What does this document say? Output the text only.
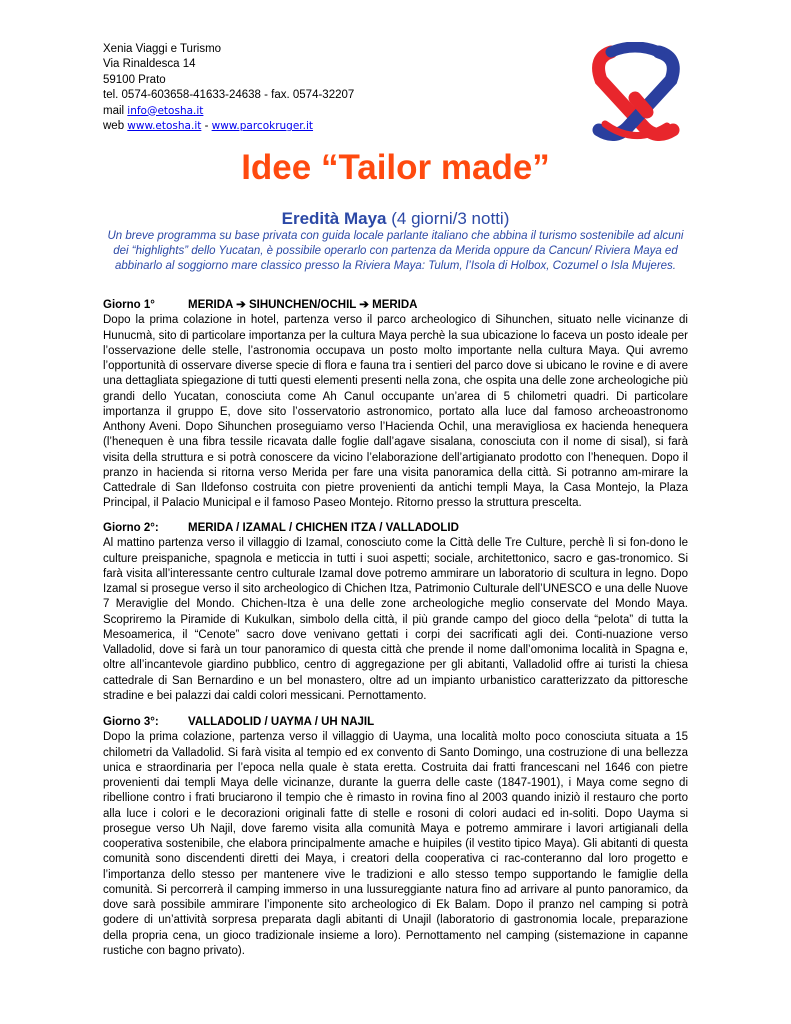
Xenia Viaggi e Turismo
Via Rinaldesca 14
59100 Prato
tel. 0574-603658-41633-24638 - fax. 0574-32207
mail info@etosha.it
web www.etosha.it - www.parcokruger.it
Idee “Tailor made”
Eredità Maya (4 giorni/3 notti)
Un breve programma su base privata con guida locale parlante italiano che abbina il turismo sostenibile ad alcuni dei “highlights” dello Yucatan, è possibile operarlo con partenza da Merida oppure da Cancun/ Riviera Maya ed abbinarlo al soggiorno mare classico presso la Riviera Maya: Tulum, l’Isola di Holbox, Cozumel o Isla Mujeres.
Giorno 1°	MERIDA ➔ SIHUNCHEN/OCHIL ➔ MERIDA
Dopo la prima colazione in hotel, partenza verso il parco archeologico di Sihunchen, situato nelle vicinanze di Hunucmà, sito di particolare importanza per la cultura Maya perchè la sua ubicazione lo faceva un posto ideale per l’osservazione delle stelle, l’astronomia occupava un posto molto importante nella cultura Maya. Qui avremo l’opportunità di osservare diverse specie di flora e fauna tra i sentieri del parco dove si ubicano le rovine e di avere una dettagliata spiegazione di tutti questi elementi presenti nella zona, che ospita una delle zone archeologiche più grandi dello Yucatan, conosciuta come Ah Canul occupante un’area di 5 chilometri quadri. Di particolare importanza il gruppo E, dove sito l’osservatorio astronomico, portato alla luce dal famoso archeoastronomo Anthony Aveni. Dopo Sihunchen proseguiamo verso l’Hacienda Ochil, una meravigliosa ex hacienda henequera (l’henequen è una fibra tessile ricavata dalle foglie dall’agave sisalana, conosciuta con il nome di sisal), si farà visita della struttura e si potrà conoscere da vicino l’elaborazione dell’artigianato prodotto con l’henequen. Dopo il pranzo in hacienda si ritorna verso Merida per fare una visita panoramica della città. Si potranno am-mirare la Cattedrale di San Ildefonso costruita con pietre provenienti da antichi templi Maya, la Casa Montejo, la Plaza Principal, il Palacio Municipal e il famoso Paseo Montejo. Ritorno presso la struttura prescelta.
Giorno 2°:	MERIDA / IZAMAL / CHICHEN ITZA / VALLADOLID
Al mattino partenza verso il villaggio di Izamal, conosciuto come la Città delle Tre Culture, perchè lì si fon-dono le culture preispaniche, spagnola e meticcia in tutti i suoi aspetti; sociale, architettonico, sacro e gas-tronomico. Si farà visita all’interessante centro culturale Izamal dove potremo ammirare un laboratorio di scultura in legno. Dopo Izamal si prosegue verso il sito archeologico di Chichen Itza, Patrimonio Culturale dell’UNESCO e una delle Nuove 7 Meraviglie del Mondo. Chichen-Itza è una delle zone archeologiche meglio conservate del Mondo Maya. Scopriremo la Piramide di Kukulkan, simbolo della città, il più grande campo del gioco della “pelota” di tutta la Mesoamerica, il “Cenote” sacro dove venivano gettati i corpi dei sacrificati agli dei. Conti-nuazione verso Valladolid, dove si farà un tour panoramico di questa città che prende il nome dall’omonima località in Spagna e, oltre all’incantevole giardino pubblico, centro di aggregazione per gli abitanti, Valladolid offre ai turisti la chiesa cattedrale di San Bernardino e un bel monastero, oltre ad un impianto urbanistico caratterizzato da pittoresche stradine e bei palazzi dai caldi colori messicani. Pernottamento.
Giorno 3°:	VALLADOLID / UAYMA / UH NAJIL
Dopo la prima colazione, partenza verso il villaggio di Uayma, una località molto poco conosciuta situata a 15 chilometri da Valladolid. Si farà visita al tempio ed ex convento di Santo Domingo, una costruzione di una bellezza unica e straordinaria per l’epoca nella quale è stata eretta. Costruita dai fratti francescani nel 1646 con pietre provenienti dai templi Maya delle vicinanze, durante la guerra delle caste (1847-1901), i Maya come segno di ribellione contro i frati bruciarono il tempio che è rimasto in rovina fino al 2003 quando iniziò il restauro che porto alla luce i colori e le decorazioni originali fatte di stelle e rosoni di colori audaci ed in-soliti. Dopo Uayma si prosegue verso Uh Najil, dove faremo visita alla comunità Maya e potremo ammirare i lavori artigianali della cooperativa sostenibile, che elabora principalmente amache e huipiles (il vestito tipico Maya). Gli abitanti di questa comunità sono discendenti diretti dei Maya, i creatori della cooperativa ci rac-conteranno dal loro progetto e l’importanza dello stesso per mantenere vive le tradizioni e allo stesso tempo supportando le famiglie della comunità. Si percorrerà il camping immerso in una lussureggiante natura fino ad arrivare al punto panoramico, da dove sarà possibile ammirare l’imponente sito archeologico di Ek Balam. Dopo il pranzo nel camping si potrà godere di un’attività sorpresa preparata dagli abitanti di Unajil (laboratorio di gastronomia locale, preparazione della propria cena, un gioco tradizionale insieme a loro). Pernottamento nel camping (sistemazione in capanne rustiche con bagno privato).
